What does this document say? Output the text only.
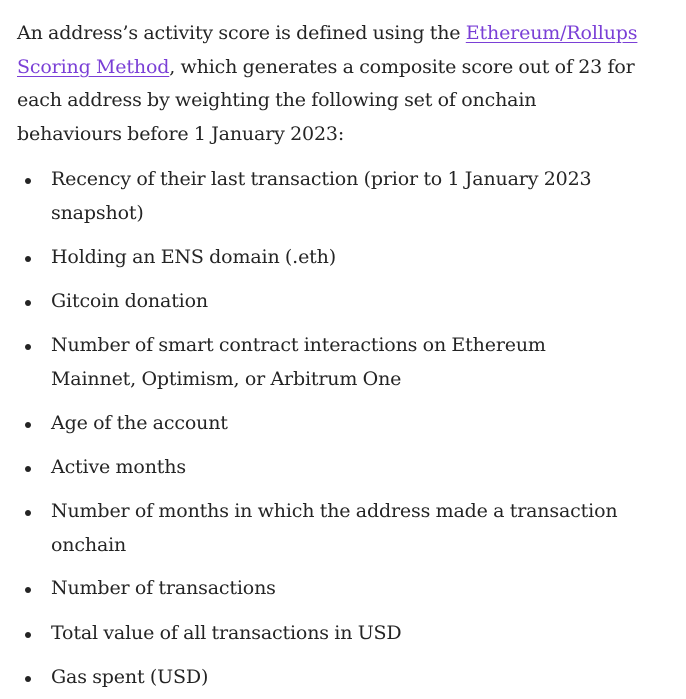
An address’s activity score is defined using the Ethereum/Rollups Scoring Method, which generates a composite score out of 23 for each address by weighting the following set of onchain behaviours before 1 January 2023:

Recency of their last transaction (prior to 1 January 2023 snapshot)
Holding an ENS domain (.eth)
Gitcoin donation
Number of smart contract interactions on Ethereum Mainnet, Optimism, or Arbitrum One
Age of the account
Active months
Number of months in which the address made a transaction onchain
Number of transactions
Total value of all transactions in USD
Gas spent (USD)
